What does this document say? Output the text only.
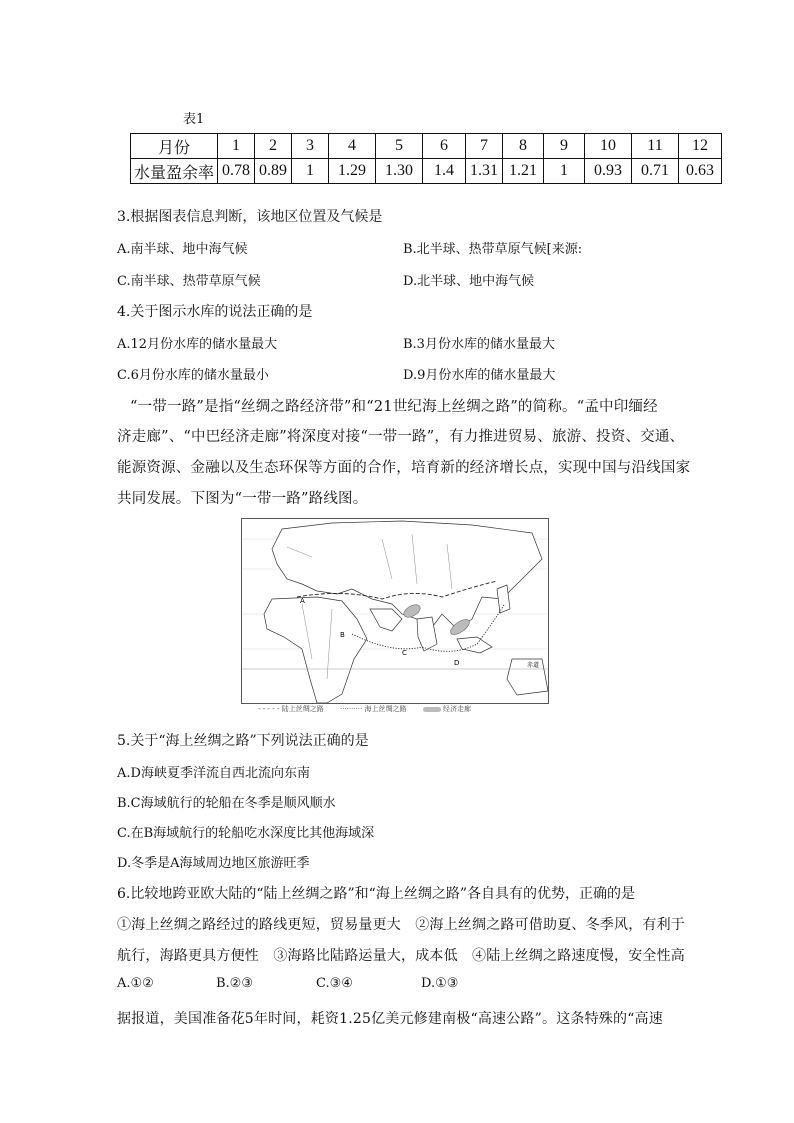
表1
月份	1	2	3	4	5	6	7	8	9	10	11	12
水量盈余率	0.78	0.89	1	1.29	1.30	1.4	1.31	1.21	1	0.93	0.71	0.63
3.根据图表信息判断，该地区位置及气候是
A.南半球、地中海气候	B.北半球、热带草原气候[来源:
C.南半球、热带草原气候	D.北半球、地中海气候
4.关于图示水库的说法正确的是
A.12月份水库的储水量最大	B.3月份水库的储水量最大
C.6月份水库的储水量最小	D.9月份水库的储水量最大
“一带一路”是指“丝绸之路经济带”和“21世纪海上丝绸之路”的简称。“孟中印缅经
济走廊”、“中巴经济走廊”将深度对接“一带一路”，有力推进贸易、旅游、投资、交通、
能源资源、金融以及生态环保等方面的合作，培育新的经济增长点，实现中国与沿线国家
共同发展。下图为“一带一路”路线图。
A
B
C
D	赤道
- - - - - 陆上丝绸之路 ·········· 海上丝绸之路	经济走廊
5.关于“海上丝绸之路”下列说法正确的是
A.D海峡夏季洋流自西北流向东南
B.C海域航行的轮船在冬季是顺风顺水
C.在B海域航行的轮船吃水深度比其他海域深
D.冬季是A海域周边地区旅游旺季
6.比较地跨亚欧大陆的“陆上丝绸之路”和“海上丝绸之路”各自具有的优势，正确的是
①海上丝绸之路经过的路线更短，贸易量更大　②海上丝绸之路可借助夏、冬季风，有利于
航行，海路更具方便性　③海路比陆路运量大，成本低　④陆上丝绸之路速度慢，安全性高
A.①②	B.②③	C.③④	D.①③
据报道，美国准备花5年时间，耗资1.25亿美元修建南极“高速公路”。这条特殊的“高速
